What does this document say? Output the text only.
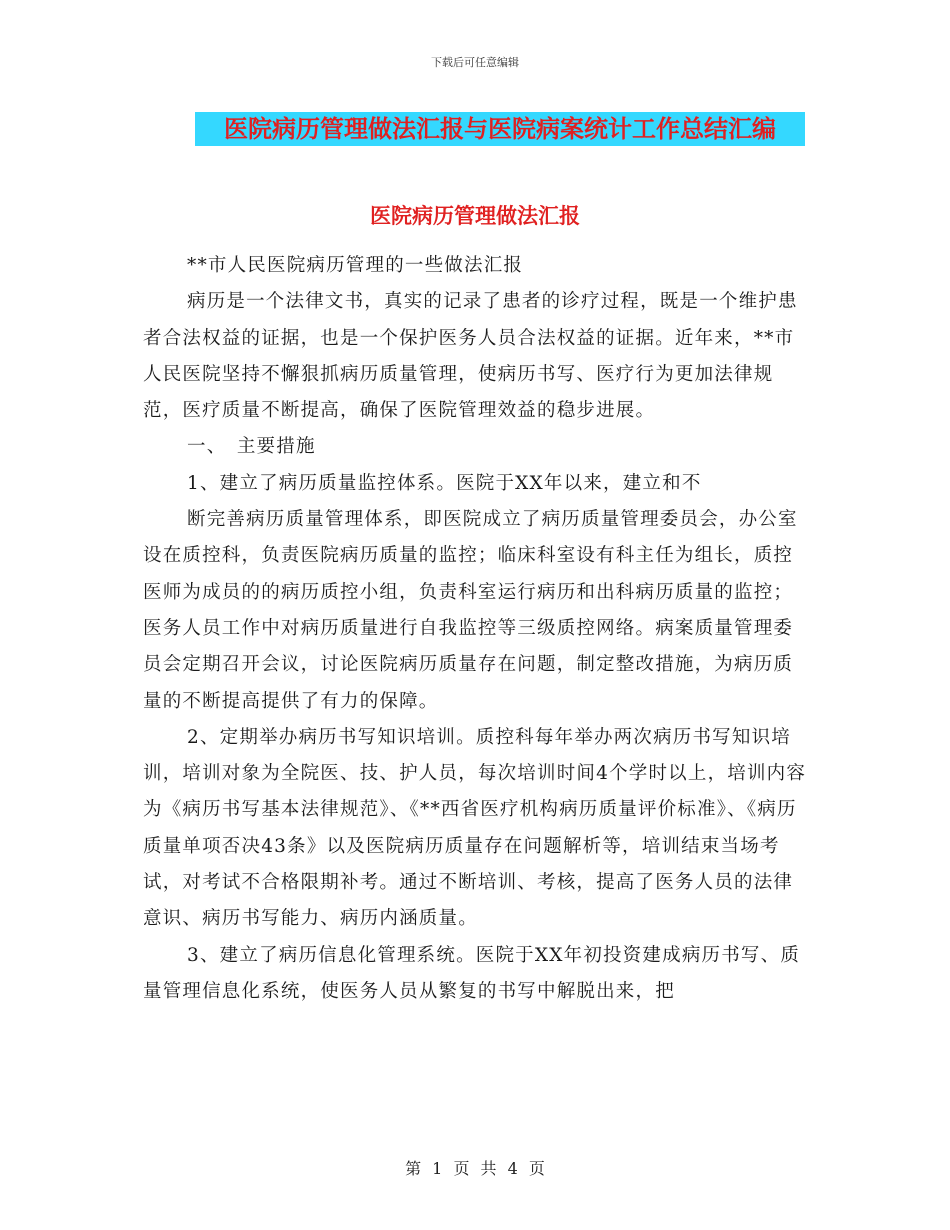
下载后可任意编辑
医院病历管理做法汇报与医院病案统计工作总结汇编
医院病历管理做法汇报

**市人民医院病历管理的一些做法汇报

病历是一个法律文书，真实的记录了患者的诊疗过程，既是一个维护患者合法权益的证据，也是一个保护医务人员合法权益的证据。近年来，**市人民医院坚持不懈狠抓病历质量管理，使病历书写、医疗行为更加法律规范，医疗质量不断提高，确保了医院管理效益的稳步进展。

一、　主要措施

1、建立了病历质量监控体系。医院于XX年以来，建立和不

断完善病历质量管理体系，即医院成立了病历质量管理委员会，办公室设在质控科，负责医院病历质量的监控；临床科室设有科主任为组长，质控医师为成员的的病历质控小组，负责科室运行病历和出科病历质量的监控；医务人员工作中对病历质量进行自我监控等三级质控网络。病案质量管理委员会定期召开会议，讨论医院病历质量存在问题，制定整改措施，为病历质量的不断提高提供了有力的保障。

2、定期举办病历书写知识培训。质控科每年举办两次病历书写知识培训，培训对象为全院医、技、护人员，每次培训时间4个学时以上，培训内容为《病历书写基本法律规范》、《**西省医疗机构病历质量评价标准》、《病历质量单项否决43条》以及医院病历质量存在问题解析等，培训结束当场考试，对考试不合格限期补考。通过不断培训、考核，提高了医务人员的法律意识、病历书写能力、病历内涵质量。

3、建立了病历信息化管理系统。医院于XX年初投资建成病历书写、质量管理信息化系统，使医务人员从繁复的书写中解脱出来，把

第 1 页 共 4 页
